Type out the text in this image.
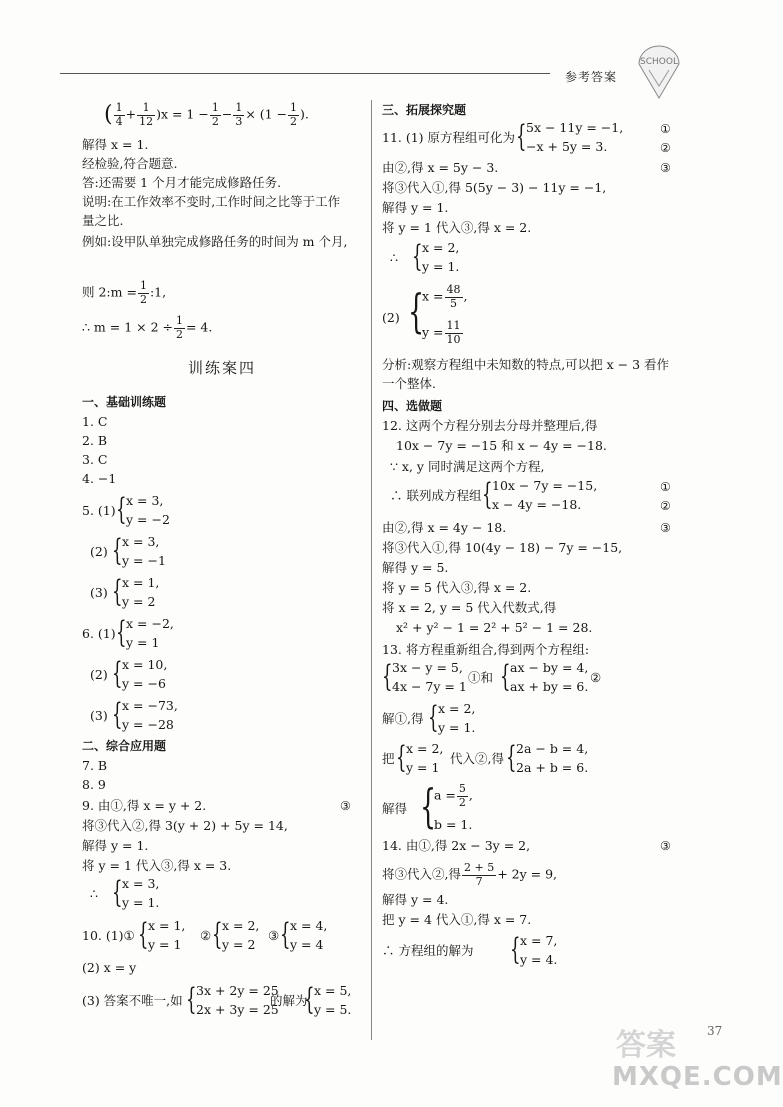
参考答案
SCHOOL
( $\frac{1}{4} + \frac{1}{12} )x = 1 - \frac{1}{2} - \frac{1}{3} \times (1 - \frac{1}{2}$ ).
解得 x = 1.
经检验,符合题意.
答:还需要 1 个月才能完成修路任务.
说明:在工作效率不变时,工作时间之比等于工作量之比.
例如:设甲队单独完成修路任务的时间为 m 个月,
则 2:m = $\frac{1}{2}$ :1,
∴ $m = 1 \times 2 \div \frac{1}{2} = 4$.
训练案四
一、基础训练题
1. C
2. B
3. C
4. −1
5. (1) { x = 3,
y = −2
(2) { x = 3,
y = −1
(3) { x = 1,
y = 2
6. (1) { x = −2,
y = 1
(2) { x = 10,
y = −6
(3) { x = −73,
y = −28
二、综合应用题
7. B
8. 9
9. 由①,得 x = y + 2.	③
将③代入②,得 3(y + 2) + 5y = 14,
解得 y = 1.
将 y = 1 代入③,得 x = 3.
∴ { x = 3,
y = 1.
10. (1)① { x = 1,
y = 1
② { x = 2,
y = 2
③ { x = 4,
y = 4
(2) x = y
(3) 答案不唯一,如 { 3x + 2y = 25
2x + 3y = 25
的解为
{ x = 5,
y = 5.
三、拓展探究题
11. (1) 原方程组可化为 { 5x − 11y = −1,
−x + 5y = 3.
①
②
由②,得 x = 5y − 3.	③
将③代入①,得 5(5y − 3) − 11y = −1,
解得 y = 1.
将 y = 1 代入③,得 x = 2.
∴ { x = 2,
y = 1.
(2) {
$x = \frac{48}{5}$ ,
$y = \frac{11}{10}$
分析:观察方程组中未知数的特点,可以把 x − 3 看作一个整体.
四、选做题
12. 这两个方程分别去分母并整理后,得
10x − 7y = −15 和 x − 4y = −18.
∵ x, y 同时满足这两个方程,
∴ 联列成方程组 { 10x − 7y = −15,
x − 4y = −18.
①
②
由②,得 x = 4y − 18.	③
将③代入①,得 10(4y − 18) − 7y = −15,
解得 y = 5.
将 y = 5 代入③,得 x = 2.
将 x = 2, y = 5 代入代数式,得
x² + y² − 1 = 2² + 5² − 1 = 28.
13. 将方程重新组合,得到两个方程组:
{ 3x − y = 5,
4x − 7y = 1
①和 { ax − by = 4,
ax + by = 6.
②
解①,得 { x = 2,
y = 1.
把 { x = 2,
y = 1
代入②,得 { 2a − b = 4,
2a + b = 6.
解得 {
$a = \frac{5}{2}$ ,
b = 1.
14. 由①,得 2x − 3y = 2,	③
将③代入②,得 $\frac{2 + 5}{7} + 2y = 9$,
解得 y = 4.
把 y = 4 代入①,得 x = 7.
∴ 方程组的解为 { x = 7,
y = 4.
37
答案
MXQE.COM
